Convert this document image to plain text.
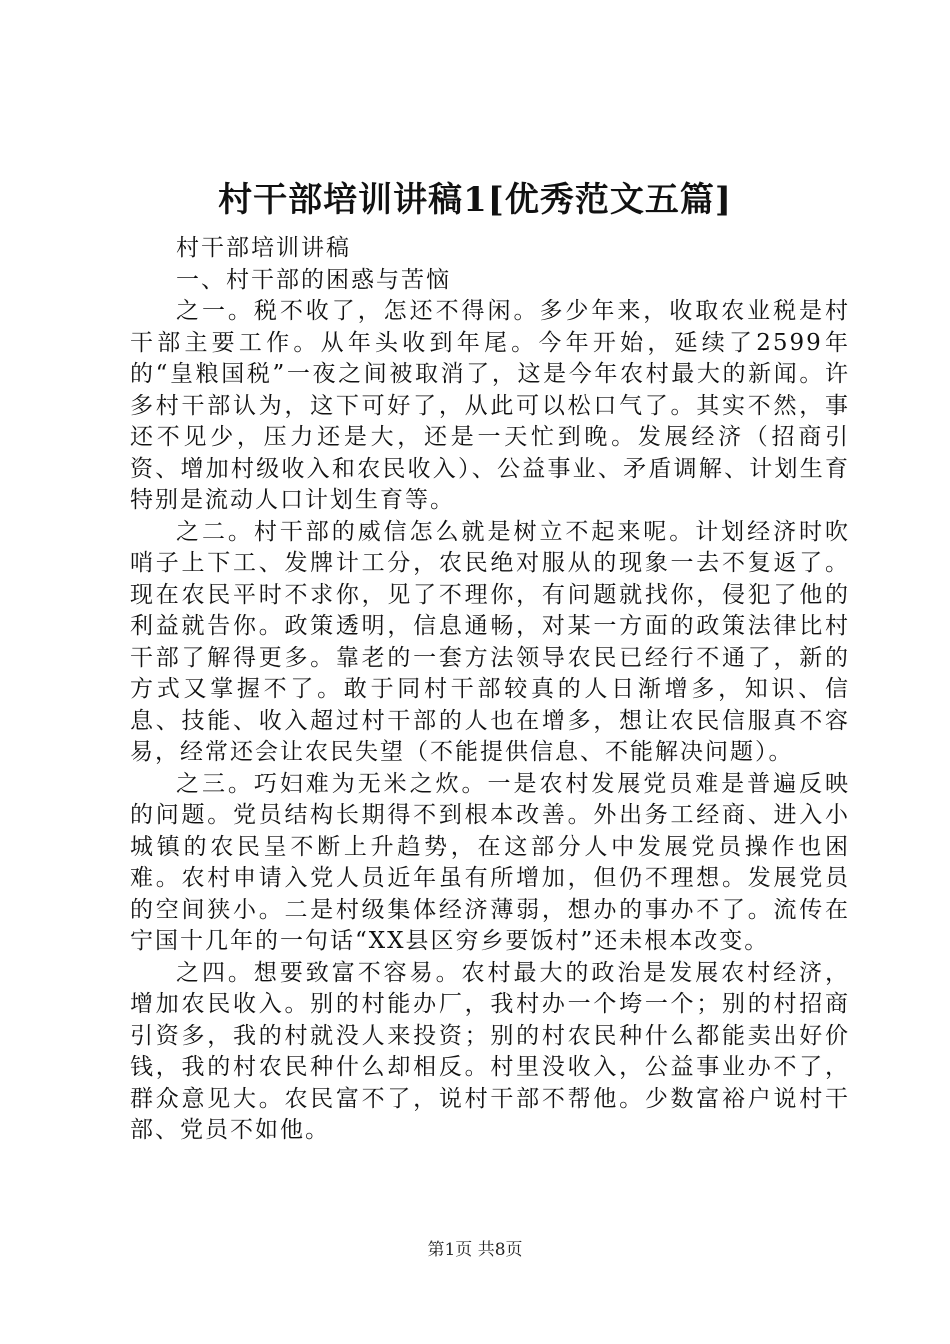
村干部培训讲稿1[优秀范文五篇]

村干部培训讲稿

一、村干部的困惑与苦恼

之一。税不收了，怎还不得闲。多少年来，收取农业税是村干部主要工作。从年头收到年尾。今年开始，延续了2599年的“皇粮国税”一夜之间被取消了，这是今年农村最大的新闻。许多村干部认为，这下可好了，从此可以松口气了。其实不然，事还不见少，压力还是大，还是一天忙到晚。发展经济（招商引资、增加村级收入和农民收入）、公益事业、矛盾调解、计划生育特别是流动人口计划生育等。

之二。村干部的威信怎么就是树立不起来呢。计划经济时吹哨子上下工、发牌计工分，农民绝对服从的现象一去不复返了。现在农民平时不求你，见了不理你，有问题就找你，侵犯了他的利益就告你。政策透明，信息通畅，对某一方面的政策法律比村干部了解得更多。靠老的一套方法领导农民已经行不通了，新的方式又掌握不了。敢于同村干部较真的人日渐增多，知识、信息、技能、收入超过村干部的人也在增多，想让农民信服真不容易，经常还会让农民失望（不能提供信息、不能解决问题）。

之三。巧妇难为无米之炊。一是农村发展党员难是普遍反映的问题。党员结构长期得不到根本改善。外出务工经商、进入小城镇的农民呈不断上升趋势，在这部分人中发展党员操作也困难。农村申请入党人员近年虽有所增加，但仍不理想。发展党员的空间狭小。二是村级集体经济薄弱，想办的事办不了。流传在宁国十几年的一句话“XX县区穷乡要饭村”还未根本改变。

之四。想要致富不容易。农村最大的政治是发展农村经济，增加农民收入。别的村能办厂，我村办一个垮一个；别的村招商引资多，我的村就没人来投资；别的村农民种什么都能卖出好价钱，我的村农民种什么却相反。村里没收入，公益事业办不了，群众意见大。农民富不了，说村干部不帮他。少数富裕户说村干部、党员不如他。

第1页 共8页
